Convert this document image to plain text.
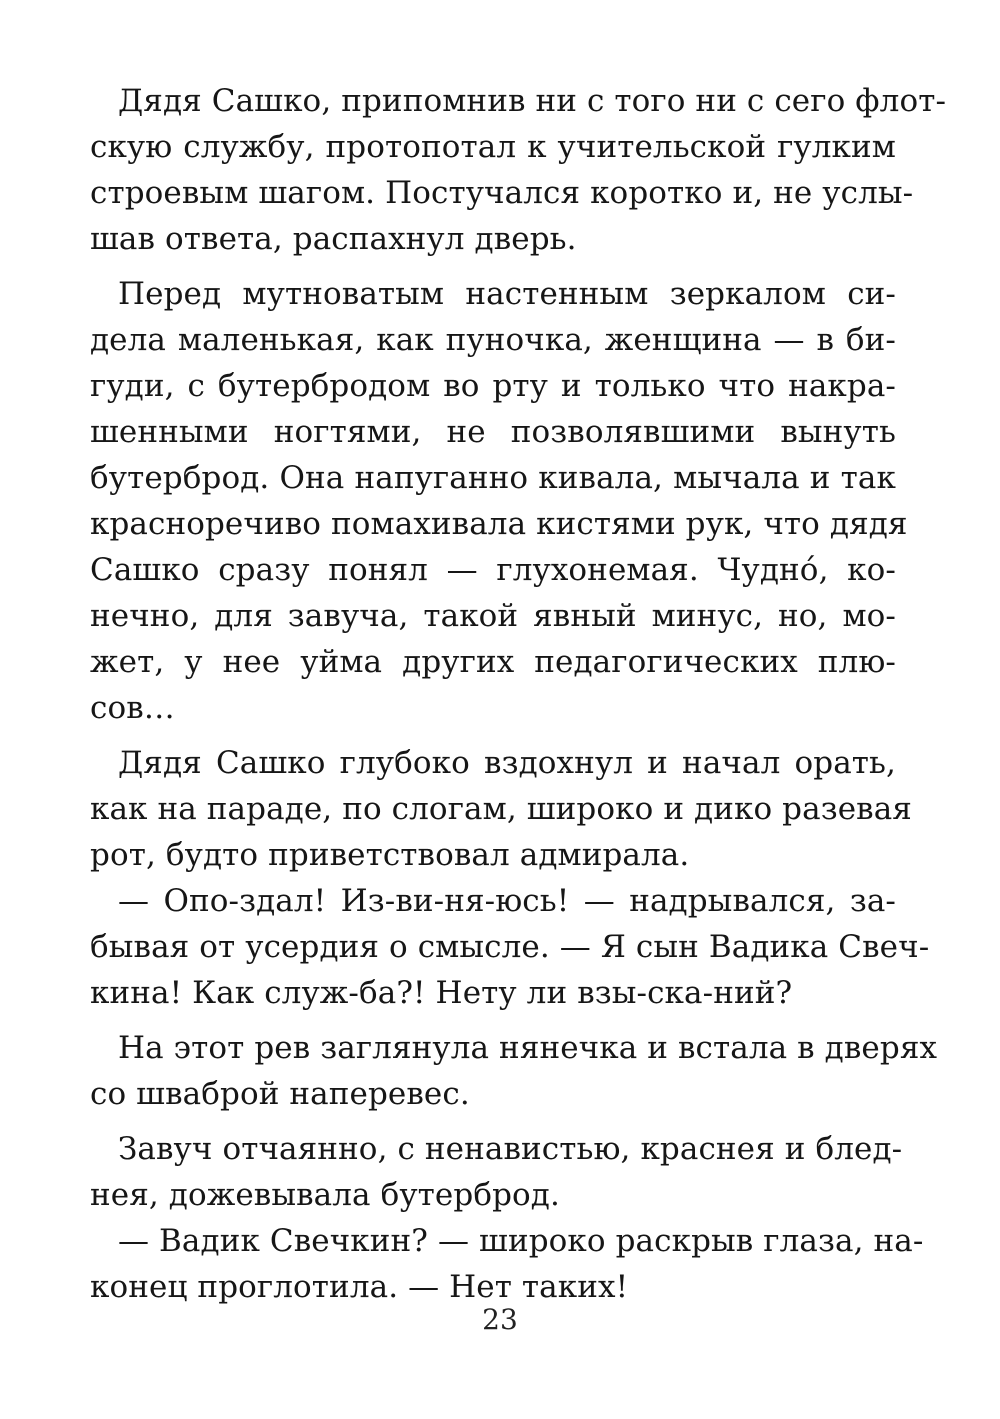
Дядя Сашко, припомнив ни с того ни с сего флот-
скую службу, протопотал к учительской гулким
строевым шагом. Постучался коротко и, не услы-
шав ответа, распахнул дверь.
Перед мутноватым настенным зеркалом си-
дела маленькая, как пуночка, женщина — в би-
гуди, с бутербродом во рту и только что накра-
шенными ногтями, не позволявшими вынуть
бутерброд. Она напуганно кивала, мычала и так
красноречиво помахивала кистями рук, что дядя
Сашко сразу понял — глухонемая. Чудно́, ко-
нечно, для завуча, такой явный минус, но, мо-
жет, у нее уйма других педагогических плю-
сов…
Дядя Сашко глубоко вздохнул и начал орать,
как на параде, по слогам, широко и дико разевая
рот, будто приветствовал адмирала.
— Опо-здал! Из-ви-ня-юсь! — надрывался, за-
бывая от усердия о смысле. — Я сын Вадика Свеч-
кина! Как служ-ба?! Нету ли взы-ска-ний?
На этот рев заглянула нянечка и встала в дверях
со шваброй наперевес.
Завуч отчаянно, с ненавистью, краснея и блед-
нея, дожевывала бутерброд.
— Вадик Свечкин? — широко раскрыв глаза, на-
конец проглотила. — Нет таких!
23
